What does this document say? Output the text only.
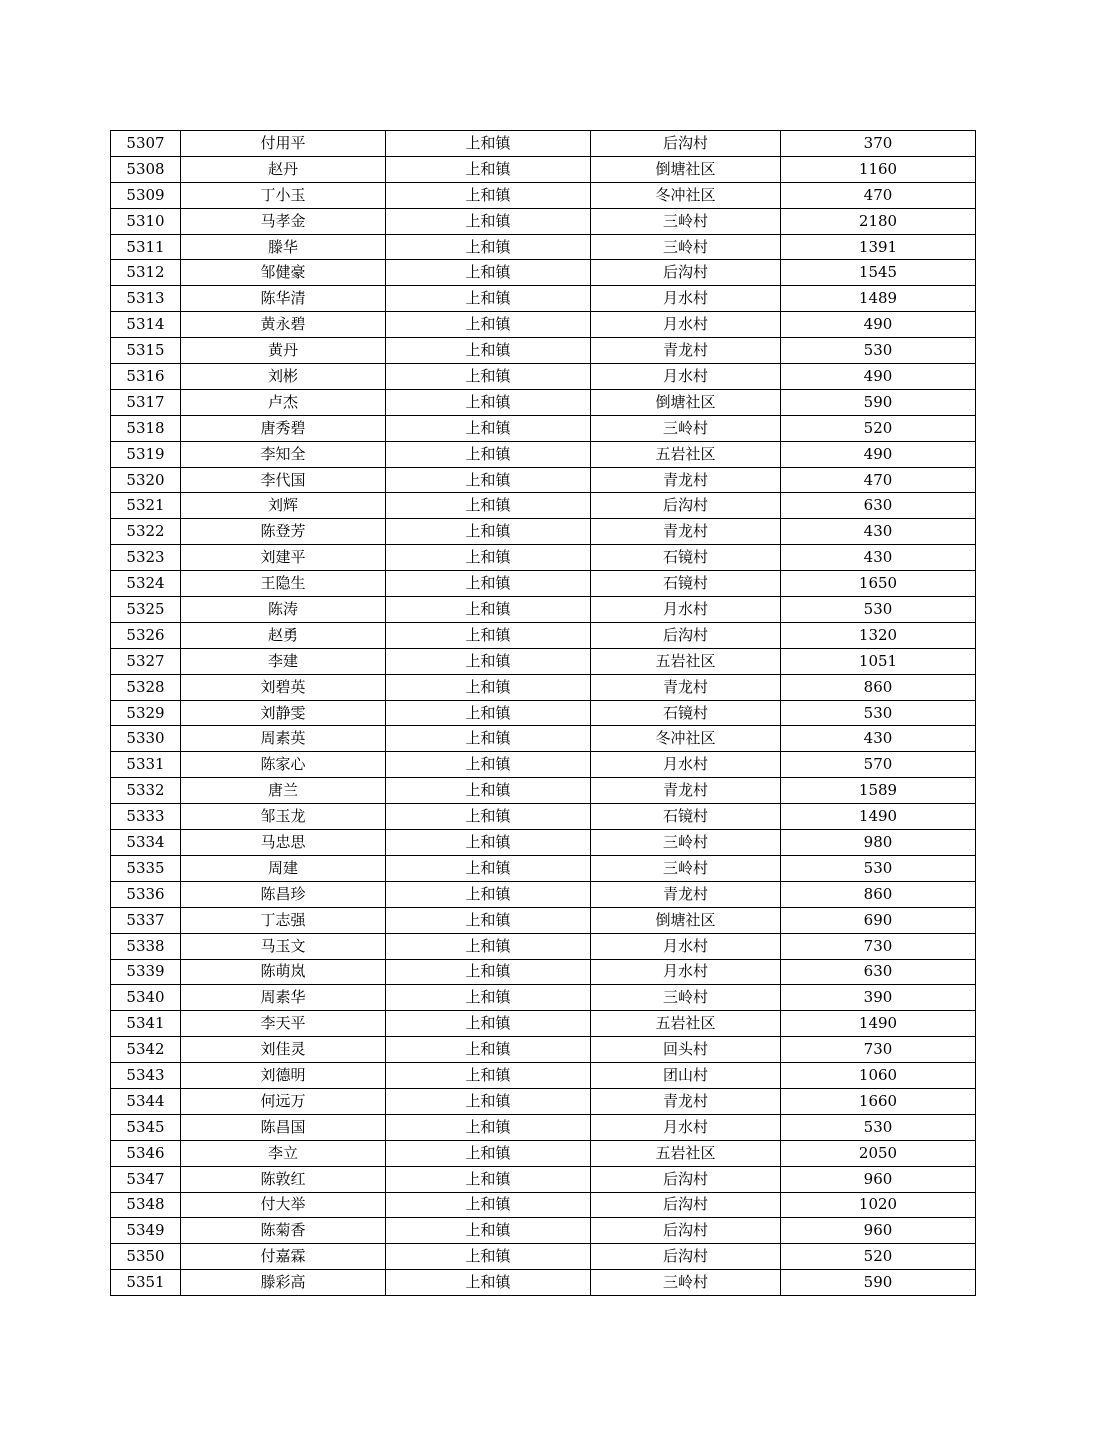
5307	付用平	上和镇	后沟村	370
5308	赵丹	上和镇	倒塘社区	1160
5309	丁小玉	上和镇	冬冲社区	470
5310	马孝金	上和镇	三岭村	2180
5311	滕华	上和镇	三岭村	1391
5312	邹健豪	上和镇	后沟村	1545
5313	陈华清	上和镇	月水村	1489
5314	黄永碧	上和镇	月水村	490
5315	黄丹	上和镇	青龙村	530
5316	刘彬	上和镇	月水村	490
5317	卢杰	上和镇	倒塘社区	590
5318	唐秀碧	上和镇	三岭村	520
5319	李知全	上和镇	五岩社区	490
5320	李代国	上和镇	青龙村	470
5321	刘辉	上和镇	后沟村	630
5322	陈登芳	上和镇	青龙村	430
5323	刘建平	上和镇	石镜村	430
5324	王隐生	上和镇	石镜村	1650
5325	陈涛	上和镇	月水村	530
5326	赵勇	上和镇	后沟村	1320
5327	李建	上和镇	五岩社区	1051
5328	刘碧英	上和镇	青龙村	860
5329	刘静雯	上和镇	石镜村	530
5330	周素英	上和镇	冬冲社区	430
5331	陈家心	上和镇	月水村	570
5332	唐兰	上和镇	青龙村	1589
5333	邹玉龙	上和镇	石镜村	1490
5334	马忠思	上和镇	三岭村	980
5335	周建	上和镇	三岭村	530
5336	陈昌珍	上和镇	青龙村	860
5337	丁志强	上和镇	倒塘社区	690
5338	马玉文	上和镇	月水村	730
5339	陈萌岚	上和镇	月水村	630
5340	周素华	上和镇	三岭村	390
5341	李天平	上和镇	五岩社区	1490
5342	刘佳灵	上和镇	回头村	730
5343	刘德明	上和镇	团山村	1060
5344	何远万	上和镇	青龙村	1660
5345	陈昌国	上和镇	月水村	530
5346	李立	上和镇	五岩社区	2050
5347	陈敦红	上和镇	后沟村	960
5348	付大举	上和镇	后沟村	1020
5349	陈菊香	上和镇	后沟村	960
5350	付嘉霖	上和镇	后沟村	520
5351	滕彩高	上和镇	三岭村	590
